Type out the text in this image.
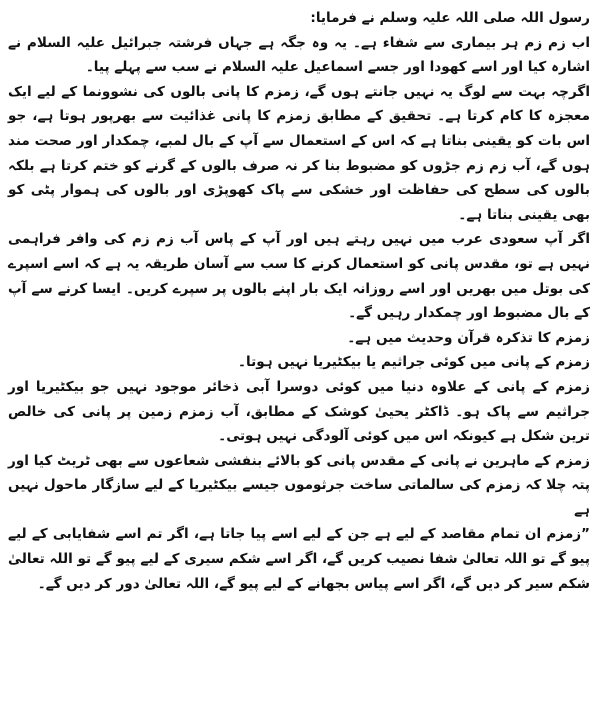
رسول اللہ صلی اللہ علیہ وسلم نے فرمایا:

اب زم زم ہر بیماری سے شفاء ہے۔ یہ وہ جگہ ہے جہاں فرشتہ جبرائیل علیہ السلام نے اشارہ کیا اور اسے کھودا اور جسے اسماعیل علیہ السلام نے سب سے پہلے پیا۔

اگرچہ بہت سے لوگ یہ نہیں جانتے ہوں گے، زمزم کا پانی بالوں کی نشوونما کے لیے ایک معجزہ کا کام کرتا ہے۔ تحقیق کے مطابق زمزم کا پانی غذائیت سے بھرپور ہوتا ہے، جو اس بات کو یقینی بناتا ہے کہ اس کے استعمال سے آپ کے بال لمبے، چمکدار اور صحت مند ہوں گے، آب زم زم جڑوں کو مضبوط بنا کر نہ صرف بالوں کے گرنے کو ختم کرتا ہے بلکہ بالوں کی سطح کی حفاظت اور خشکی سے پاک کھوپڑی اور بالوں کی ہموار پٹی کو بھی یقینی بناتا ہے۔

اگر آپ سعودی عرب میں نہیں رہتے ہیں اور آپ کے پاس آب زم زم کی وافر فراہمی نہیں ہے تو، مقدس پانی کو استعمال کرنے کا سب سے آسان طریقہ یہ ہے کہ اسے اسپرے کی بوتل میں بھریں اور اسے روزانہ ایک بار اپنے بالوں پر سپرے کریں۔ ایسا کرنے سے آپ کے بال مضبوط اور چمکدار رہیں گے۔

زمزم کا تذکرہ قرآن وحدیث میں ہے۔

زمزم کے پانی میں کوئی جراثیم یا بیکٹیریا نہیں ہوتا۔

زمزم کے پانی کے علاوہ دنیا میں کوئی دوسرا آبی ذخائر موجود نہیں جو بیکٹیریا اور جراثیم سے پاک ہو۔ ڈاکٹر یحییٰ کوشک کے مطابق، آب زمزم زمین پر پانی کی خالص ترین شکل ہے کیونکہ اس میں کوئی آلودگی نہیں ہوتی۔

زمزم کے ماہرین نے پانی کے مقدس پانی کو بالائے بنفشی شعاعوں سے بھی ٹریٹ کیا اور پتہ چلا کہ زمزم کی سالماتی ساخت جرثوموں جیسے بیکٹیریا کے لیے سازگار ماحول نہیں ہے

”زمزم ان تمام مقاصد کے لیے ہے جن کے لیے اسے پیا جاتا ہے، اگر تم اسے شفایابی کے لیے پیو گے تو اللہ تعالیٰ شفا نصیب کریں گے، اگر اسے شکم سیری کے لیے پیو گے تو اللہ تعالیٰ شکم سیر کر دیں گے، اگر اسے پیاس بجھانے کے لیے پیو گے، اللہ تعالیٰ دور کر دیں گے۔
